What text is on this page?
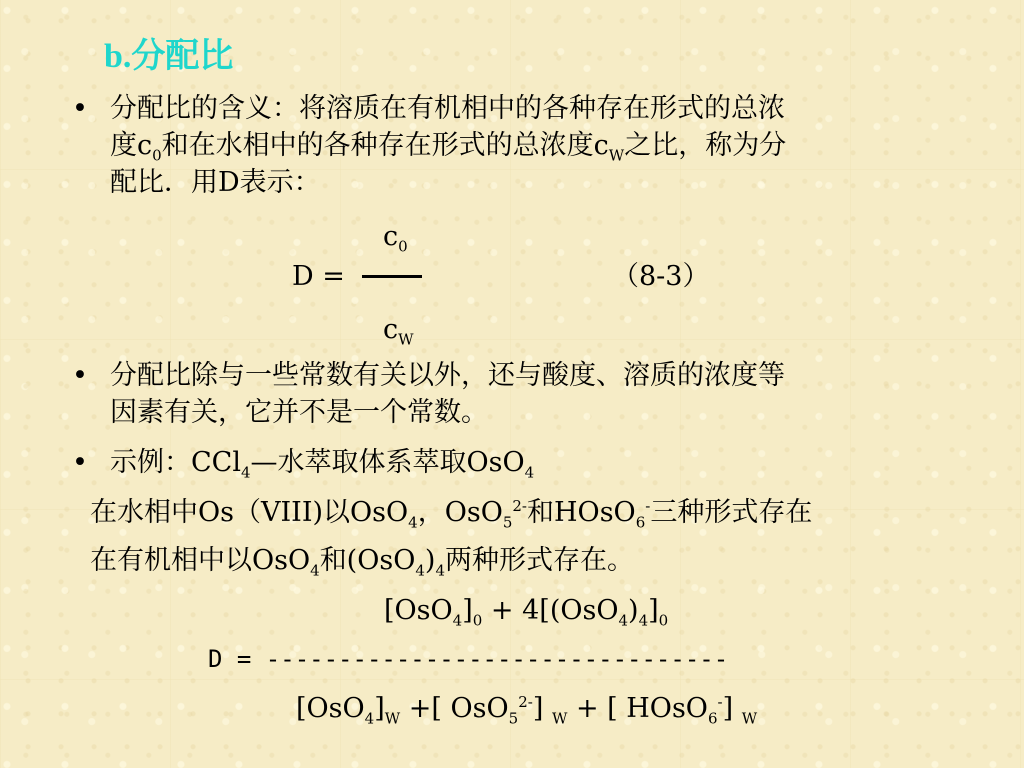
b.分配比
• 分配比的含义：将溶质在有机相中的各种存在形式的总浓
度$c_0$和在水相中的各种存在形式的总浓度$c_W$之比，称为分
配比．用D表示：
$c_0$
D =	（8-3）
$c_W$
• 分配比除与一些常数有关以外，还与酸度、溶质的浓度等
因素有关，它并不是一个常数。
• 示例：CCl$_4$—水萃取体系萃取OsO$_4$
在水相中Os（VIII)以OsO$_4$，OsO$_5^{2-}$和HOsO$_6$-三种形式存在
在有机相中以OsO$_4$和$(OsO_4)_4$两种形式存在。
$[OsO_4]_0 + 4[(OsO_4)_4]_0$
D = --------------------------------
$[OsO_4]_W$ +[ OsO$_5^{2-}$] $_W$ + [ HOsO$_6$-] $_W$
